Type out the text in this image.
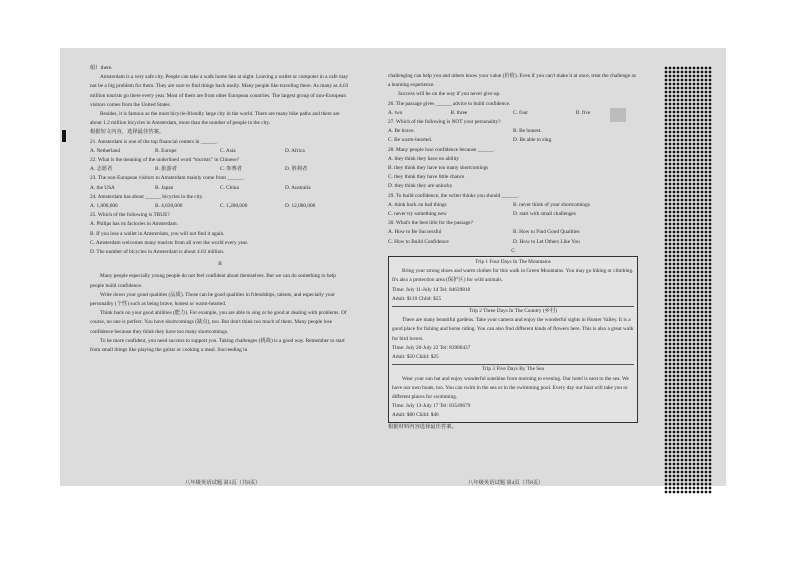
船）there.

Amsterdam is a very safe city. People can take a walk home late at night. Leaving a wallet or computer in a cafe may not be a big problem for them. They are sure to find things back easily. Many people like traveling there. As many as 4.63 million tourists go there every year. Most of them are from other European countries. The largest group of non-European visitors comes from the United States.

Besides, it is famous as the most bicycle-friendly large city in the world. There are many bike paths and there are about 1.2 million bicycles in Amsterdam, more than the number of people in the city.

根据短文内容，选择最佳答案。

21. Amsterdam is one of the top financial centers in ______.

A. Netherland	B. Europe	C. Asia	D. Africa

22. What is the meaning of the underlined word “tourists” in Chinese?

A. 志愿者	B. 旅游者	C. 参赛者	D. 胜利者

23. The non-European visitors to Amsterdam mainly come from ______.

A. the USA	B. Japan	C. China	D. Australia

24. Amsterdam has about ______ bicycles in the city.

A. 1,000,000	B. 4,630,000	C. 1,200,000	D. 12,000,000

25. Which of the following is TRUE?

A. Philips has its factories in Amsterdam.

B. If you lose a wallet in Amsterdam, you will not find it again.

C. Amsterdam welcomes many tourists from all over the world every year.

D. The number of bicycles in Amsterdam is about 4.63 million.

B

Many people especially young people do not feel confident about themselves. But we can do something to help people build confidence.

Write down your good qualities (品质). Those can be good qualities in friendships, talents, and especially your personality (个性) such as being brave, honest or warm-hearted.

Think back on your good abilities (能力). For example, you are able to sing or be good at dealing with problems. Of course, no one is perfect. You have shortcomings (缺点), too. But don't think too much of them. Many people lose confidence because they think they have too many shortcomings.

To be more confident, you need success to support you. Taking challenges (挑战) is a good way. Remember to start from small things like playing the guitar or cooking a meal. Succeeding in

challenging can help you and others know your value (价值). Even if you can't make it at once, treat the challenge as a learning experience.

Success will be on the way if you never give up.

26. The passage gives ______ advice to build confidence.

A. two	B. three	C. four	D. five

27. Which of the following is NOT your personality?

A. Be brave.	B. Be honest.
C. Be warm-hearted.	D. Be able to sing.

28. Many people lose confidence because ______.

A. they think they have no ability

B. they think they have too many shortcomings

C. they think they have little chance

D. they think they are unlucky

29. To build confidence, the writer thinks you should ______.

A. think back on bad things	B. never think of your shortcomings
C. never try something new	D. start with small challenges

30. What's the best title for the passage?

A. How to Be Successful	B. How to Find Good Qualities
C. How to Build Confidence	D. How to Let Others Like You

C

Trip 1 Four Days In The Mountains
Bring your strong shoes and warm clothes for this walk in Green Mountains. You may go hiking or climbing. It's also a protection area (保护区) for wild animals.
Time: July 11-July 14 Tel: 84639818
Adult: $110 Child: $55
Trip 2 Three Days In The Country (乡村)
There are many beautiful gardens. Take your camera and enjoy the wonderful sights in Hunter Valley. It is a good place for fishing and horse riding. You can also find different kinds of flowers here. This is also a great walk for bird lovers.
Time: July 20-July 22 Tel: 83986437
Adult: $50 Child: $25
Trip 3 Five Days By The Sea
Wear your sun hat and enjoy wonderful sunshine from morning to evening. Our hotel is next to the sea. We have our own boats, too. You can swim in the sea or in the swimming pool. Every day our boat will take you to different places for swimming.
Time: July 13-July 17 Tel: 83549679
Adult: $80 Child: $40

根据材料内容选择最佳答案。

八年级英语试题 第3页（共8页）	八年级英语试题 第4页（共8页）
